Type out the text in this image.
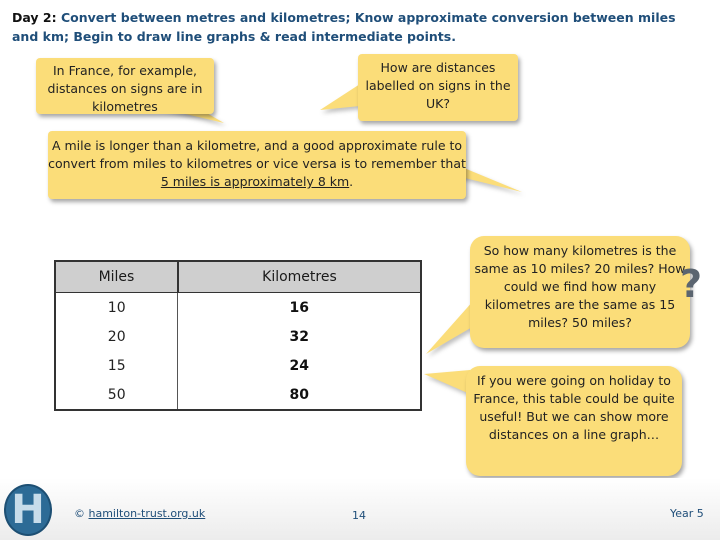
Day 2: Convert between metres and kilometres; Know approximate conversion between miles and km; Begin to draw line graphs & read intermediate points.
In France, for example, distances on signs are in kilometres
How are distances labelled on signs in the UK?
A mile is longer than a kilometre, and a good approximate rule to convert from miles to kilometres or vice versa is to remember that 5 miles is approximately 8 km.
Miles	Kilometres
10	16
20	32
15	24
50	80
So how many kilometres is the same as 10 miles? 20 miles? How could we find how many kilometres are the same as 15 miles? 50 miles?
?
If you were going on holiday to France, this table could be quite useful! But we can show more distances on a line graph…
H	© hamilton-trust.org.uk	14	Year 5
